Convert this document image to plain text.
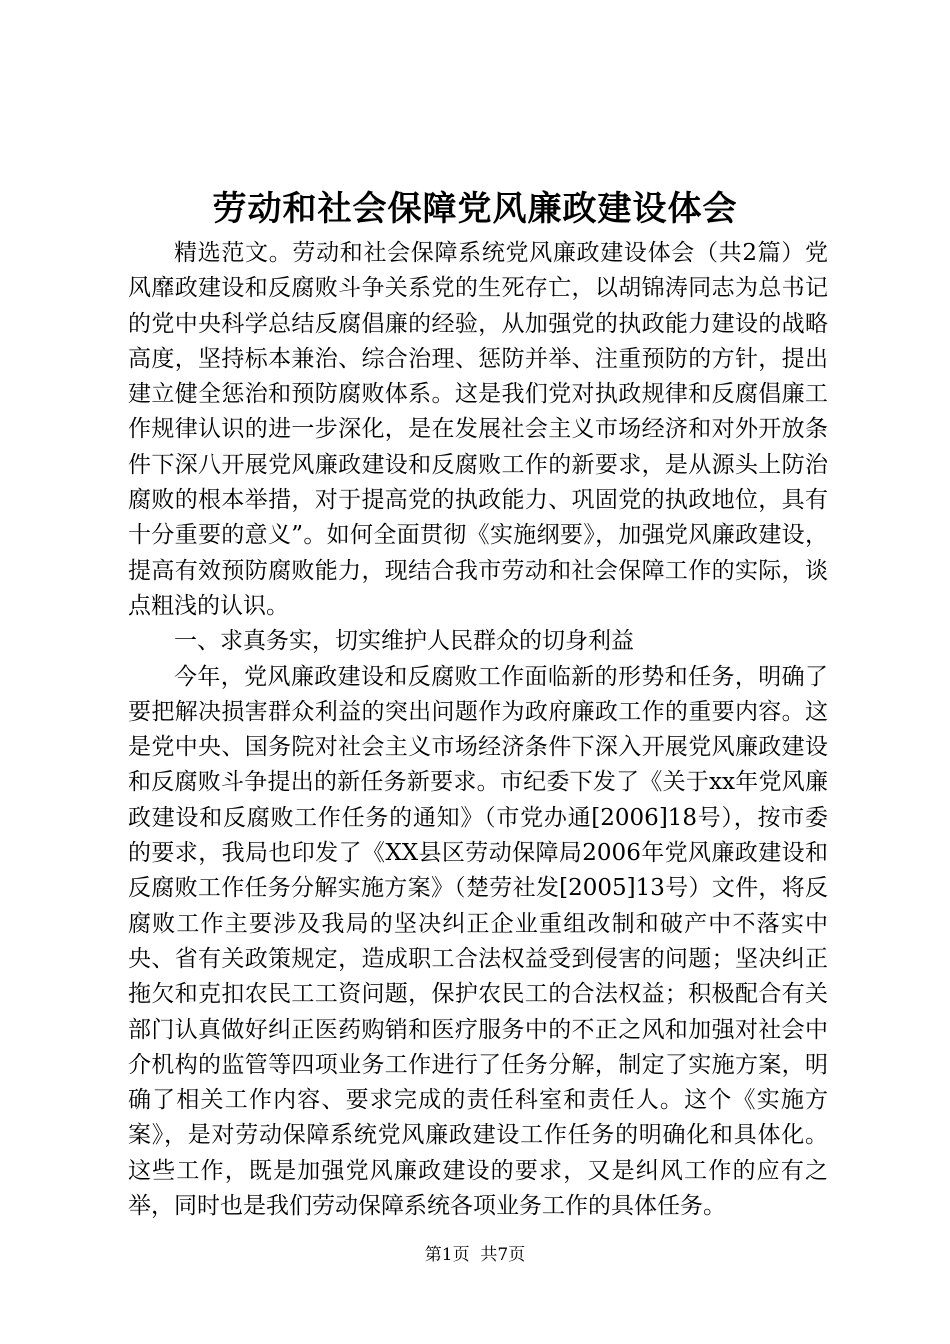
劳动和社会保障党风廉政建设体会

精选范文。劳动和社会保障系统党风廉政建设体会（共2篇）党风靡政建设和反腐败斗争关系党的生死存亡，以胡锦涛同志为总书记的党中央科学总结反腐倡廉的经验，从加强党的执政能力建设的战略高度，坚持标本兼治、综合治理、惩防并举、注重预防的方针，提出建立健全惩治和预防腐败体系。这是我们党对执政规律和反腐倡廉工作规律认识的进一步深化，是在发展社会主义市场经济和对外开放条件下深八开展党风廉政建设和反腐败工作的新要求，是从源头上防治腐败的根本举措，对于提高党的执政能力、巩固党的执政地位，具有十分重要的意义”。如何全面贯彻《实施纲要》，加强党风廉政建设，提高有效预防腐败能力，现结合我市劳动和社会保障工作的实际，谈点粗浅的认识。

一、求真务实，切实维护人民群众的切身利益

今年，党风廉政建设和反腐败工作面临新的形势和任务，明确了要把解决损害群众利益的突出问题作为政府廉政工作的重要内容。这是党中央、国务院对社会主义市场经济条件下深入开展党风廉政建设和反腐败斗争提出的新任务新要求。市纪委下发了《关于xx年党风廉政建设和反腐败工作任务的通知》（市党办通[2006]18号），按市委的要求，我局也印发了《XX县区劳动保障局2006年党风廉政建设和反腐败工作任务分解实施方案》（楚劳社发[2005]13号）文件，将反腐败工作主要涉及我局的坚决纠正企业重组改制和破产中不落实中央、省有关政策规定，造成职工合法权益受到侵害的问题；坚决纠正拖欠和克扣农民工工资问题，保护农民工的合法权益；积极配合有关部门认真做好纠正医药购销和医疗服务中的不正之风和加强对社会中介机构的监管等四项业务工作进行了任务分解，制定了实施方案，明确了相关工作内容、要求完成的责任科室和责任人。这个《实施方案》，是对劳动保障系统党风廉政建设工作任务的明确化和具体化。这些工作，既是加强党风廉政建设的要求，又是纠风工作的应有之举，同时也是我们劳动保障系统各项业务工作的具体任务。

第1页 共7页
